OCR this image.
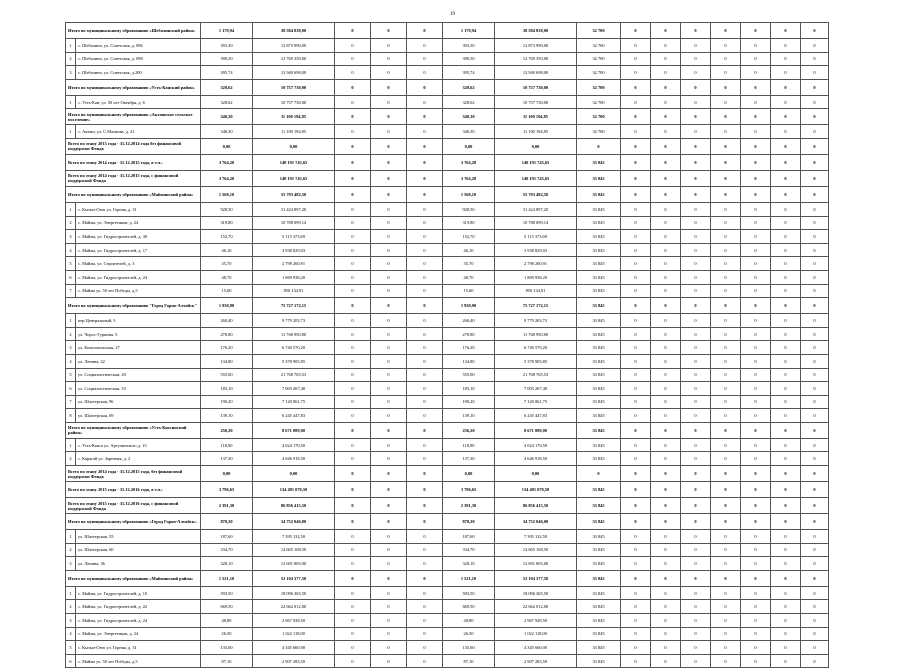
19
Итого по муниципальному образованию «Шебалинский район»		1 179,94	38 584 838,00	0	0	0	1 179,94	38 584 838,00	32 700	0	0	0	0	0	0	0
1	с. Шебалино, ул. Советская, д. 096	393,30	12 873 990,00	0	0	0	393,30	12 873 990,00	32 700	0	0	0	0	0	0	0
2	с. Шебалино, ул. Советская, д. 098	390,50	12 769 350,00	0	0	0	390,50	12 769 350,00	32 700	0	0	0	0	0	0	0
3	с. Шебалино, ул. Советская, д.200	395,74	12 940 698,00	0	0	0	395,74	12 940 698,00	32 700	0	0	0	0	0	0	0
Итого по муниципальному образованию «Усть-Канский район»		328,62	10 757 730,00	0	0	0	328,62	10 757 730,00	32 700	0	0	0	0	0	0	0
1	с. Усть-Кан, ул. 50 лет Октября, д. 6	328,62	10 757 730,00	0	0	0	328,62	10 757 730,00	32 700	0	0	0	0	0	0	0
Итого по муниципальному образованию «Акташское сельское поселение»		340,30	11 100 194,85	0	0	0	340,30	11 100 194,85	32 700	0	0	0	0	0	0	0
1	с. Акташ, ул. С.Малкова, д. 21	340,30	11 100 194,85	0	0	0	340,30	11 100 194,85	32 700	0	0	0	0	0	0	0
Всего по этапу 2013 года - 31.12.2014 года без финансовой поддержки Фонда		0,00	0,00	0	0	0	0,00	0,00	0	0	0	0	0	0	0	0
Всего по этапу 2014 года - 31.12.2015 года, в т.ч.:		3 764,20	140 191 743,65	0	0	0	3 764,20	140 191 743,65	33 845	0	0	0	0	0	0	0
Всего по этапу 2014 года - 31.12.2015 года, с финансовой поддержкой Фонда		3 764,20	140 191 743,65	0	0	0	3 764,20	140 191 743,65	33 845	0	0	0	0	0	0	0
Итого по муниципальному образованию «Майминский район»		1 568,10	55 793 482,50	0	0	0	1 568,10	55 793 482,50	33 845	0	0	0	0	0	0	0
1	с. Кызыл-Озек ул. Горная, д. 31	928,50	31 424 897,20	0	0	0	928,50	31 424 897,20	33 845	0	0	0	0	0	0	0
2	с. Майма, ул. Энергетиков, д. 24	319,80	10 788 099,14	0	0	0	319,80	10 788 099,14	33 845	0	0	0	0	0	0	0
3	с. Майма, ул. Гидростроителей, д. 30	152,70	5 115 373,69	0	0	0	152,70	5 115 373,69	33 845	0	0	0	0	0	0	0
4	с. Майма, ул. Гидростроителей, д. 17	46,10	3 938 829,03	0	0	0	46,10	3 938 829,03	33 845	0	0	0	0	0	0	0
5	с. Майма, ул. Строителей, д. 3	35,70	2 798 260,91	0	0	0	35,70	2 798 260,91	33 845	0	0	0	0	0	0	0
6	с. Майма, ул. Гидростроителей, д. 24	48,70	1 869 938,20	0	0	0	48,70	1 869 938,20	33 845	0	0	0	0	0	0	0
7	с. Майма ул. 50 лет Победы, д.5	15,60	856 134,91	0	0	0	15,60	856 134,91	33 845	0	0	0	0	0	0	0
Итого по муниципальному образованию "Город Горно-Алтайск"		1 930,90	75 727 172,15	0	0	0	1 930,90	75 727 172,15	33 845	0	0	0	0	0	0	0
1	пер.Центральный, 3	260,40	9 779 203,73	0	0	0	260,40	9 779 203,73	33 845	0	0	0	0	0	0	0
2	ул. Чорос-Гуркина, 5	278,80	11 768 950,80	0	0	0	278,80	11 768 950,80	33 845	0	0	0	0	0	0	0
3	ул. Комсомольская, 27	176,20	6 740 570,20	0	0	0	176,20	6 740 570,20	33 845	0	0	0	0	0	0	0
4	ул. Ленина, 22	134,80	5 378 905,85	0	0	0	134,80	5 378 905,85	33 845	0	0	0	0	0	0	0
5	ул. Социалистическая, 20	555,00	21 768 765,53	0	0	0	555,00	21 768 765,53	33 845	0	0	0	0	0	0	0
6	ул. Социалистическая, 53	183,10	7 003 267,40	0	0	0	183,10	7 003 267,40	33 845	0	0	0	0	0	0	0
7	ул. Шахтерская, 96	190,20	7 120 061,75	0	0	0	190,20	7 120 061,75	33 845	0	0	0	0	0	0	0
8	ул. Шахтерская, 69	139,10	6 245 447,83	0	0	0	139,10	6 245 447,83	33 845	0	0	0	0	0	0	0
Итого по муниципальному образованию «Усть-Коксинский район»		256,20	8 671 089,00	0	0	0	256,20	8 671 089,00	33 845	0	0	0	0	0	0	0
1	с. Усть-Кокса ул. Аргучинского д. 15	118,90	4 024 170,50	0	0	0	118,90	4 024 170,50	33 845	0	0	0	0	0	0	0
2	с. Карагай ул. Заречная, д. 2	137,30	4 646 918,50	0	0	0	137,30	4 646 918,50	33 845	0	0	0	0	0	0	0
Всего по этапу 2014 года - 31.12.2015 года, без финансовой поддержки Фонда		0,00	0,00	0	0	0	0,00	0,00	0	0	0	0	0	0	0	0
Всего по этапу 2015 года - 31.12.2016 года, в т.ч.:		3 796,65	134 481 070,50	0	0	0	3 796,65	134 481 070,50	33 845	0	0	0	0	0	0	0
Всего по этапу 2015 года - 31.12.2016 года, с финансовой поддержкой Фонда		2 391,30	86 856 415,50	0	0	0	2 391,30	86 856 415,50	33 845	0	0	0	0	0	0	0
Итого по муниципальному образованию «Город Горно-Алтайск»		870,20	34 752 046,00	0	0	0	870,20	34 752 046,00	33 845	0	0	0	0	0	0	0
1	ул. Шахтерская, 55	187,60	7 395 132,50	0	0	0	187,60	7 395 132,50	33 845	0	0	0	0	0	0	0
2	ул. Шахтерская, 60	334,70	14 665 108,50	0	0	0	334,70	14 665 108,50	33 845	0	0	0	0	0	0	0
3	ул. Ленина, 36	328,10	12 691 805,00	0	0	0	328,10	12 691 805,00	33 845	0	0	0	0	0	0	0
Итого по муниципальному образованию «Майминский район»		1 521,10	52 104 377,50	0	0	0	1 521,10	52 104 377,50	33 845	0	0	0	0	0	0	0
1	с. Майма, ул. Гидростроителей, д. 10	593,50	18 096 365,50	0	0	0	593,50	18 096 365,50	33 845	0	0	0	0	0	0	0
2	с. Майма, ул. Гидростроителей, д. 22	669,50	22 662 012,00	0	0	0	669,50	22 662 012,00	33 845	0	0	0	0	0	0	0
3	с. Майма, ул. Гидростроителей, д. 24	48,80	2 967 928,50	0	0	0	48,80	2 967 928,50	33 845	0	0	0	0	0	0	0
4	с. Майма, ул. Энергетиков, д. 24	26,50	1 022 118,00	0	0	0	26,50	1 022 118,00	33 845	0	0	0	0	0	0	0
5	с. Кызыл-Озек ул. Горная, д. 31	135,60	4 345 660,00	0	0	0	135,60	4 345 660,00	33 845	0	0	0	0	0	0	0
6	с. Майма ул. 50 лет Победы, д.5	87,10	2 907 283,50	0	0	0	87,10	2 907 283,50	33 845	0	0	0	0	0	0	0
